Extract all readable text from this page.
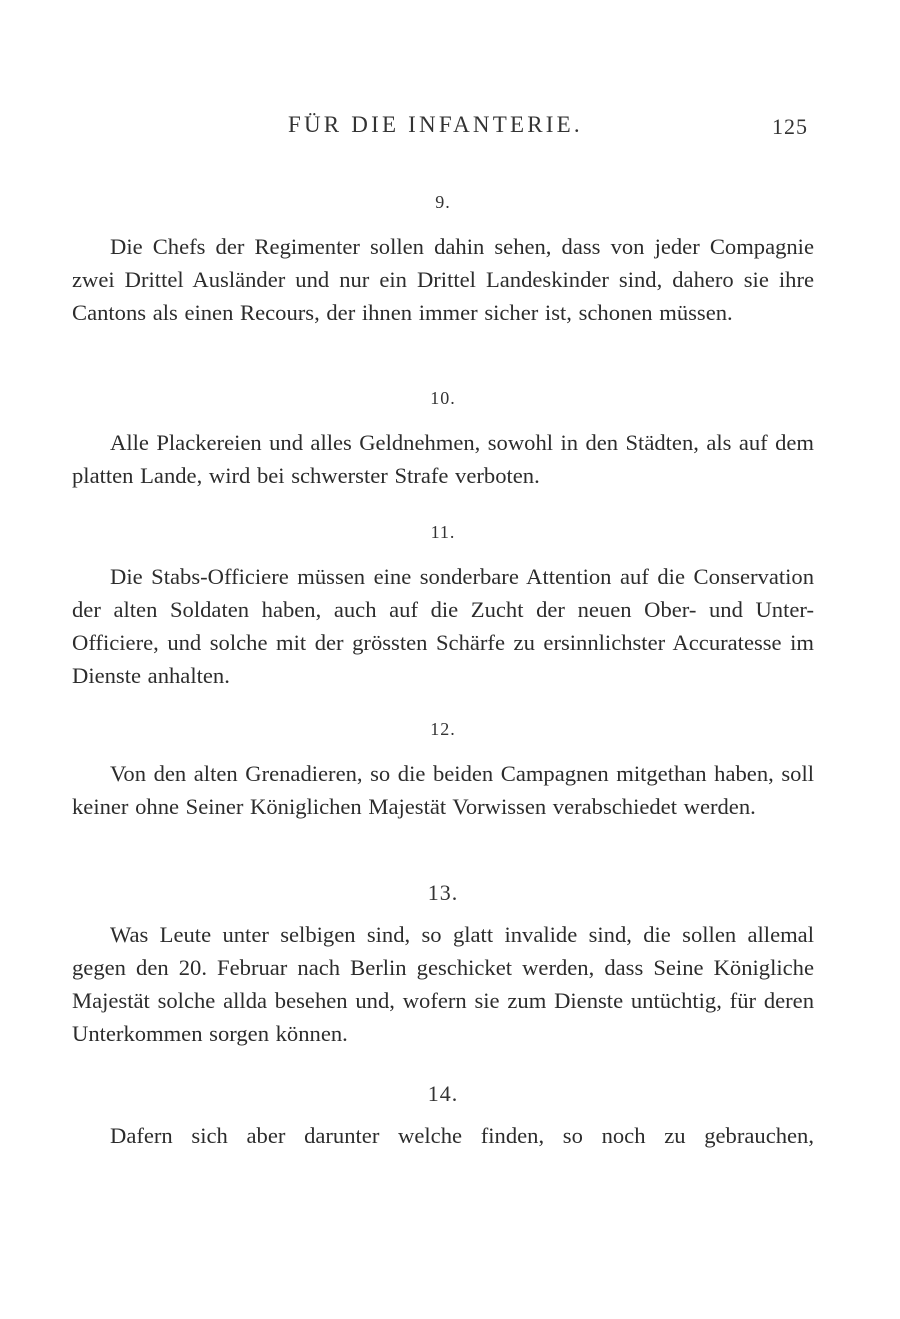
FÜR DIE INFANTERIE.	125
9.

Die Chefs der Regimenter sollen dahin sehen, dass von jeder Compagnie zwei Drittel Ausländer und nur ein Drittel Landeskinder sind, dahero sie ihre Cantons als einen Recours, der ihnen immer sicher ist, schonen müssen.

10.

Alle Plackereien und alles Geldnehmen, sowohl in den Städten, als auf dem platten Lande, wird bei schwerster Strafe verboten.

11.

Die Stabs-Officiere müssen eine sonderbare Attention auf die Conservation der alten Soldaten haben, auch auf die Zucht der neuen Ober- und Unter-Officiere, und solche mit der grössten Schärfe zu ersinnlichster Accuratesse im Dienste anhalten.

12.

Von den alten Grenadieren, so die beiden Campagnen mitgethan haben, soll keiner ohne Seiner Königlichen Majestät Vorwissen verabschiedet werden.

13.

Was Leute unter selbigen sind, so glatt invalide sind, die sollen allemal gegen den 20. Februar nach Berlin geschicket werden, dass Seine Königliche Majestät solche allda besehen und, wofern sie zum Dienste untüchtig, für deren Unterkommen sorgen können.

14.

Dafern sich aber darunter welche finden, so noch zu gebrauchen,
